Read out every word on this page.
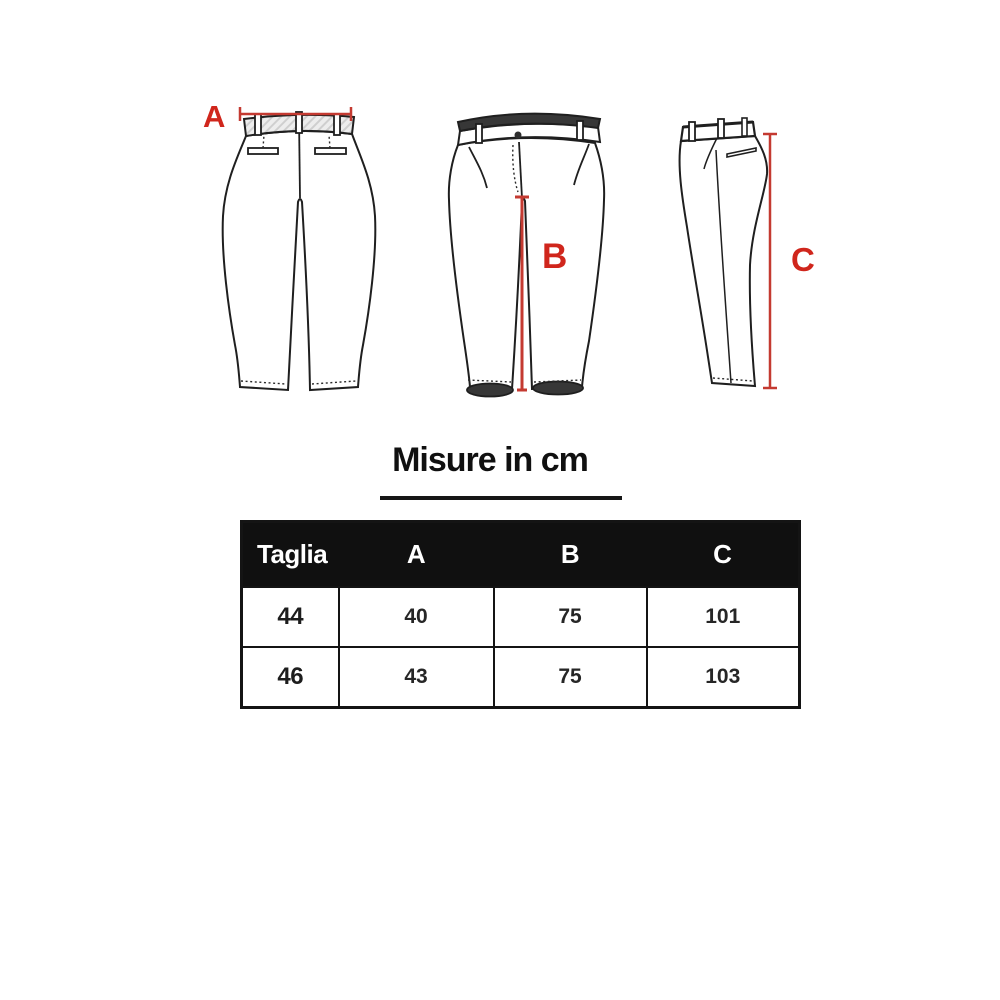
A
B	C
Misure in cm
Taglia	A	B	C
44	40	75	101
46	43	75	103
